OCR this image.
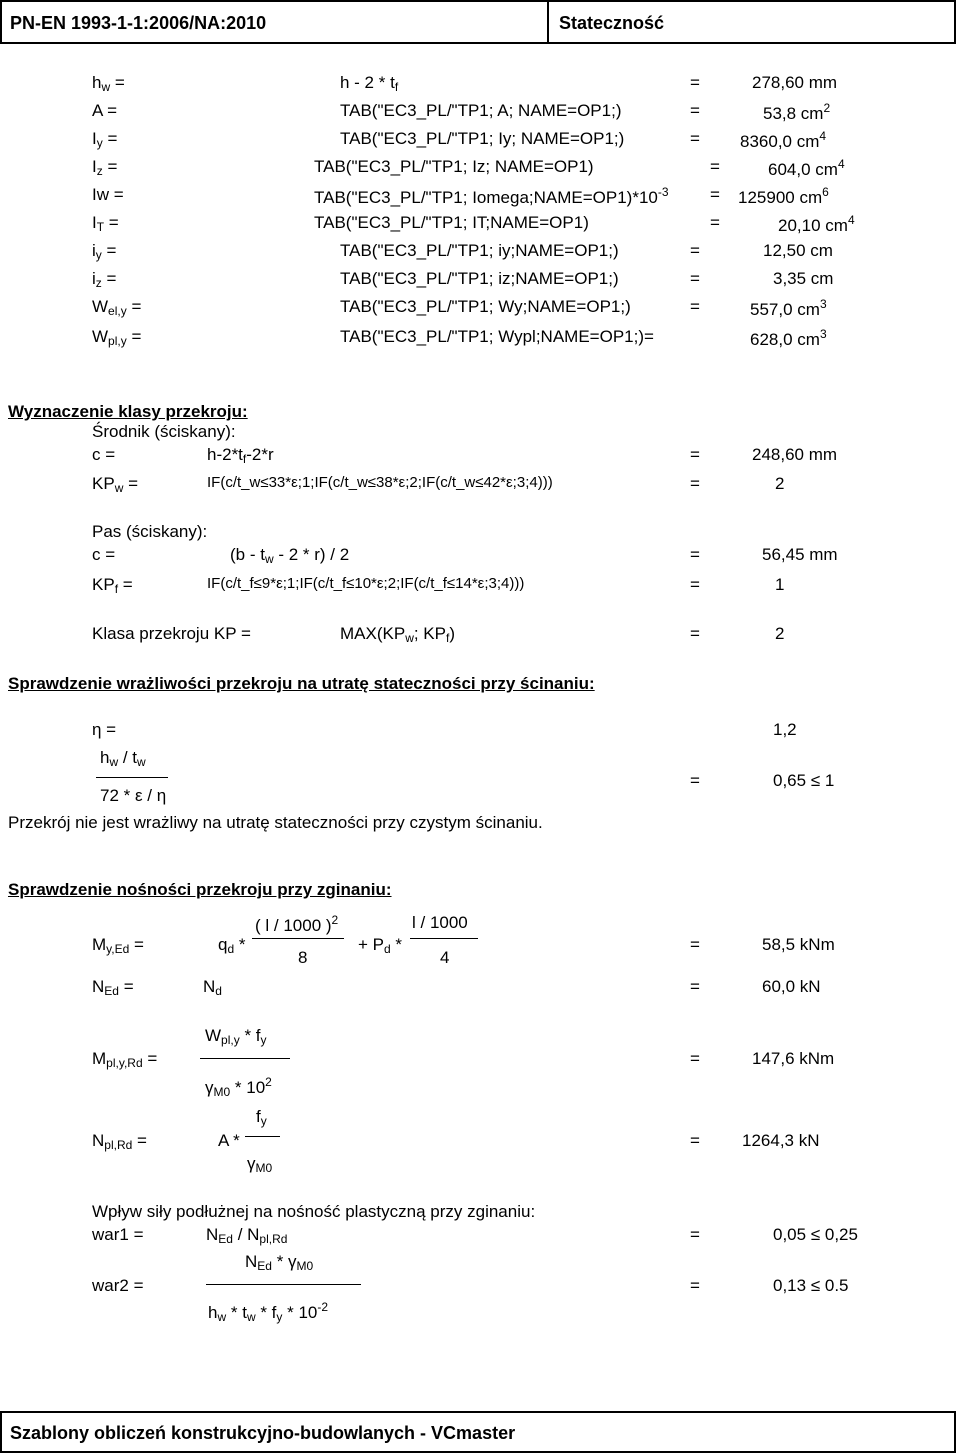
PN-EN 1993-1-1:2006/NA:2010	Stateczność
$h_w$ =	h - $2 * t_f$	=	278,60 mm
A =	TAB("EC3_PL/"TP1; A; NAME=OP1;)	=	53,8 $cm^2$
$I_y$ =	TAB("EC3_PL/"TP1; Iy; NAME=OP1;)	= 8360,0 $cm^4$
$I_z$ =	TAB("EC3_PL/"TP1; Iz; NAME=OP1)	=	604,0 $cm^4$
Iw =	TAB("EC3_PL/"TP1; $Iomega;NAME=OP1)*10^{-3} = 125900$ $cm^6$
$I_T$ =	TAB("EC3_PL/"TP1; IT;NAME=OP1)	=	20,10 $cm^4$
$i_y$ =	TAB("EC3_PL/"TP1; iy;NAME=OP1;)	=	12,50 cm
$i_z$ =	TAB("EC3_PL/"TP1; iz;NAME=OP1;)	=	3,35 cm
$W_{el,y}$ =	TAB("EC3_PL/"TP1; Wy;NAME=OP1;)	=	557,0 $cm^3$
$W_{pl,y}$ =	TAB("EC3_PL/"TP1; Wypl;NAME=OP1;)=	628,0 $cm^3$
Wyznaczenie klasy przekroju:
Środnik (ściskany):
c =	$h-2*t_f-2*r$	=	248,60 mm
$KP_w$ =	IF(c/t_w≤33*ε;1;IF(c/t_w≤38*ε;2;IF(c/t_w≤42*ε;3;4)))	=	2
Pas (ściskany):
c =	$(b - t_w - 2 * r) / 2$	=	56,45 mm
$KP_f$ =	IF(c/t_f≤9*ε;1;IF(c/t_f≤10*ε;2;IF(c/t_f≤14*ε;3;4)))	=	1
Klasa przekroju KP =	$MAX(KP_w$; $KP_f$)	=	2
Sprawdzenie wrażliwości przekroju na utratę stateczności przy ścinaniu:
η =	1,2
$h_w / t_w$
72 * ε / η
=	0,65 ≤ 1
Przekrój nie jest wrażliwy na utratę stateczności przy czystym ścinaniu.
Sprawdzenie nośności przekroju przy zginaniu:
$M_{y,Ed}$ =	$q_d$ *
( l / 1000 )$^2$
8
+ $P_d$ *
l / 1000
4
=	58,5 kNm
$N_{Ed}$ =	$N_d$	=	60,0 kN
$W_{pl,y} * f_y$
$\gamma_{M0} * 10^2$
$M_{pl,y,Rd}$ =	=	147,6 kNm
$f_y$
A *
$\gamma_{M0}$
$N_{pl,Rd}$ =	= 1264,3 kN
Wpływ siły podłużnej na nośność plastyczną przy zginaniu:
war1 =	$N_{Ed} / N_{pl,Rd}$	=	0,05 ≤ 0,25
$N_{Ed} * \gamma_{M0}$
$h_w * t_w * f_y * 10^{-2}$
war2 =	=	0,13 ≤ 0.5
Szablony obliczeń konstrukcyjno-budowlanych - VCmaster
